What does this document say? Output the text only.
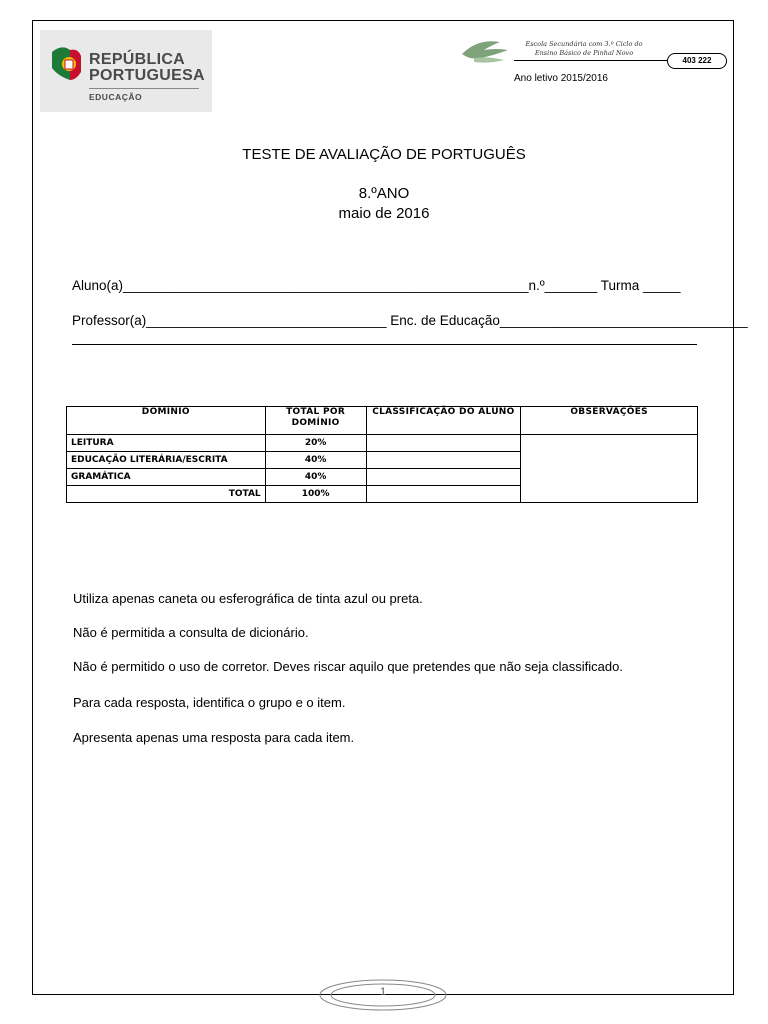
REPÚBLICA
PORTUGUESA
EDUCAÇÃO
Escola Secundária com 3.º Ciclo do Ensino Básico de Pinhal Novo
403 222
Ano letivo 2015/2016
TESTE DE AVALIAÇÃO DE PORTUGUÊS
8.ºANO
maio de 2016
Aluno(a)______________________________________________________n.º_______ Turma _____
Professor(a)________________________________ Enc. de Educação_________________________________
DOMÍNIO	TOTAL POR DOMÍNIO	CLASSIFICAÇÃO DO ALUNO	OBSERVAÇÕES
LEITURA	20%		
EDUCAÇÃO LITERÁRIA/ESCRITA	40%		
GRAMÁTICA	40%		
TOTAL	100%		
Utiliza apenas caneta ou esferográfica de tinta azul ou preta.
Não é permitida a consulta de dicionário.
Não é permitido o uso de corretor. Deves riscar aquilo que pretendes que não seja classificado.
Para cada resposta, identifica o grupo e o item.
Apresenta apenas uma resposta para cada item.
1
